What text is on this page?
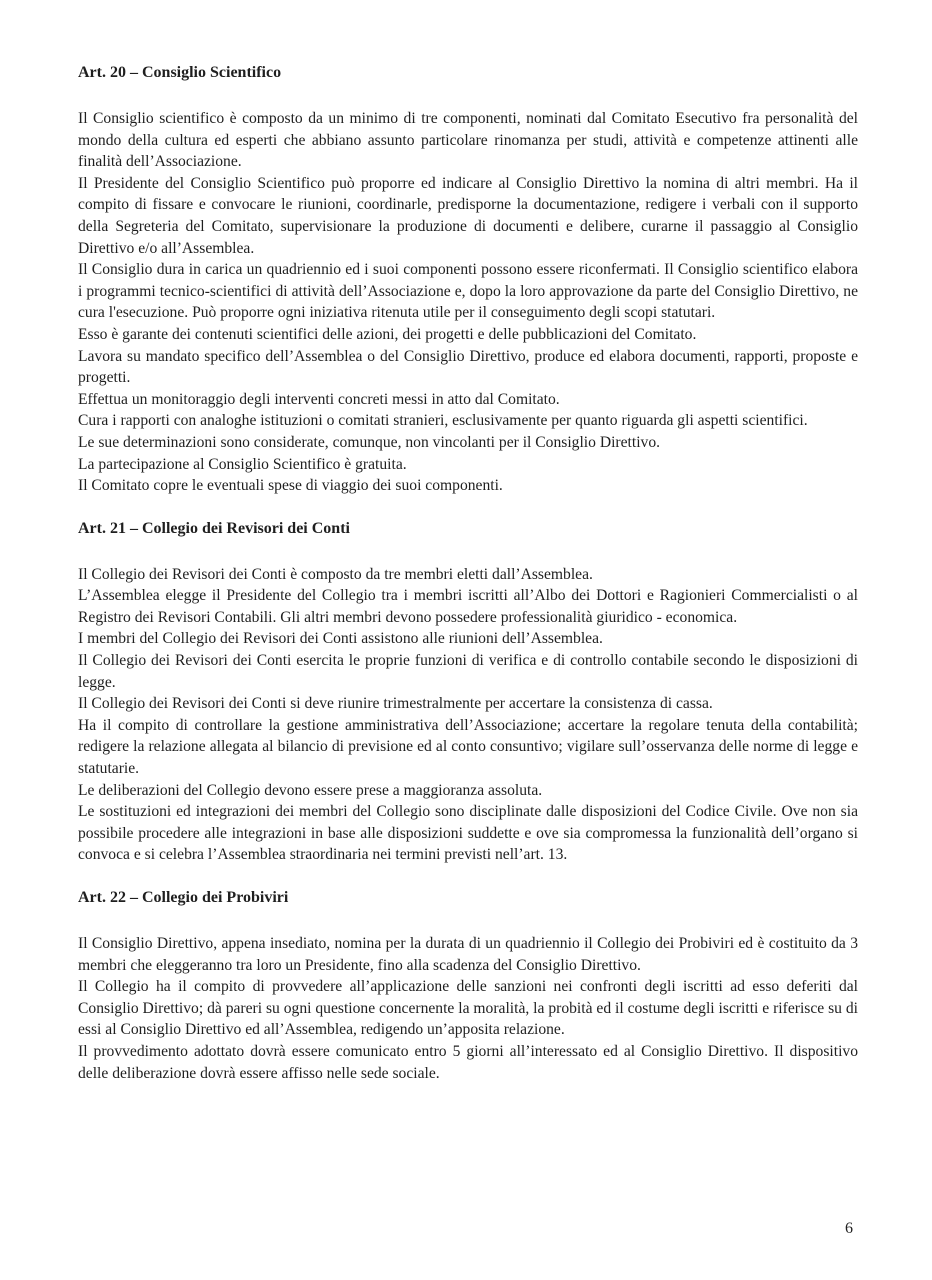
Art. 20 – Consiglio Scientifico

Il Consiglio scientifico è composto da un minimo di tre componenti, nominati dal Comitato Esecutivo fra personalità del mondo della cultura ed esperti che abbiano assunto particolare rinomanza per studi, attività e competenze attinenti alle finalità dell’Associazione.

Il Presidente del Consiglio Scientifico può proporre ed indicare al Consiglio Direttivo la nomina di altri membri. Ha il compito di fissare e convocare le riunioni, coordinarle, predisporne la documentazione, redigere i verbali con il supporto della Segreteria del Comitato, supervisionare la produzione di documenti e delibere, curarne il passaggio al Consiglio Direttivo e/o all’Assemblea.

Il Consiglio dura in carica un quadriennio ed i suoi componenti possono essere riconfermati. Il Consiglio scientifico elabora i programmi tecnico-scientifici di attività dell’Associazione e, dopo la loro approvazione da parte del Consiglio Direttivo, ne cura l'esecuzione. Può proporre ogni iniziativa ritenuta utile per il conseguimento degli scopi statutari.

Esso è garante dei contenuti scientifici delle azioni, dei progetti e delle pubblicazioni del Comitato.

Lavora su mandato specifico dell’Assemblea o del Consiglio Direttivo, produce ed elabora documenti, rapporti, proposte e progetti.

Effettua un monitoraggio degli interventi concreti messi in atto dal Comitato.

Cura i rapporti con analoghe istituzioni o comitati stranieri, esclusivamente per quanto riguarda gli aspetti scientifici.

Le sue determinazioni sono considerate, comunque, non vincolanti per il Consiglio Direttivo.

La partecipazione al Consiglio Scientifico è gratuita.

Il Comitato copre le eventuali spese di viaggio dei suoi componenti.

Art. 21 – Collegio dei Revisori dei Conti

Il Collegio dei Revisori dei Conti è composto da tre membri eletti dall’Assemblea.

L’Assemblea elegge il Presidente del Collegio tra i membri iscritti all’Albo dei Dottori e Ragionieri Commercialisti o al Registro dei Revisori Contabili. Gli altri membri devono possedere professionalità giuridico - economica.

I membri del Collegio dei Revisori dei Conti assistono alle riunioni dell’Assemblea.

Il Collegio dei Revisori dei Conti esercita le proprie funzioni di verifica e di controllo contabile secondo le disposizioni di legge.

Il Collegio dei Revisori dei Conti si deve riunire trimestralmente per accertare la consistenza di cassa.

Ha il compito di controllare la gestione amministrativa dell’Associazione; accertare la regolare tenuta della contabilità; redigere la relazione allegata al bilancio di previsione ed al conto consuntivo; vigilare sull’osservanza delle norme di legge e statutarie.

Le deliberazioni del Collegio devono essere prese a maggioranza assoluta.

Le sostituzioni ed integrazioni dei membri del Collegio sono disciplinate dalle disposizioni del Codice Civile. Ove non sia possibile procedere alle integrazioni in base alle disposizioni suddette e ove sia compromessa la funzionalità dell’organo si convoca e si celebra l’Assemblea straordinaria nei termini previsti nell’art. 13.

Art. 22 – Collegio dei Probiviri

Il Consiglio Direttivo, appena insediato, nomina per la durata di un quadriennio il Collegio dei Probiviri ed è costituito da 3 membri che eleggeranno tra loro un Presidente, fino alla scadenza del Consiglio Direttivo.

Il Collegio ha il compito di provvedere all’applicazione delle sanzioni nei confronti degli iscritti ad esso deferiti dal Consiglio Direttivo; dà pareri su ogni questione concernente la moralità, la probità ed il costume degli iscritti e riferisce su di essi al Consiglio Direttivo ed all’Assemblea, redigendo un’apposita relazione.

Il provvedimento adottato dovrà essere comunicato entro 5 giorni all’interessato ed al Consiglio Direttivo. Il dispositivo delle deliberazione dovrà essere affisso nelle sede sociale.

6
